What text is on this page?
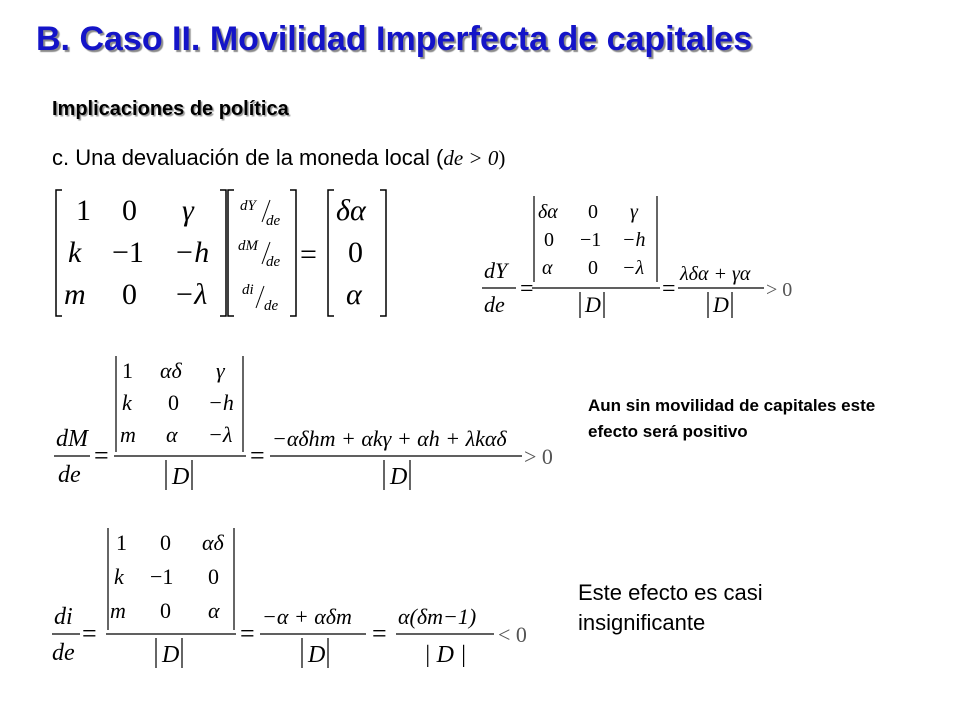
B. Caso II. Movilidad Imperfecta de capitales
Implicaciones de política
c. Una devaluación de la moneda local (de > 0)
1 0 γ
k −1 −h
m 0 −λ
dY
de
dM
de
di
de
=
δα
0
α
dY
de
=
δα 0 γ
0 −1 −h
α 0 −λ
D
=
λδα + γα
D
> 0
dM
de
=
1 αδ γ
k 0 −h
m α −λ
D
=
−αδhm + αkγ + αh + λkαδ
D
> 0
di
de
=
1 0 αδ
k −1 0
m 0 α
D
=
−α + αδm
D
=
α(δm−1)
| D |
< 0
Aun sin movilidad de capitales este efecto será positivo
Este efecto es casi insignificante
